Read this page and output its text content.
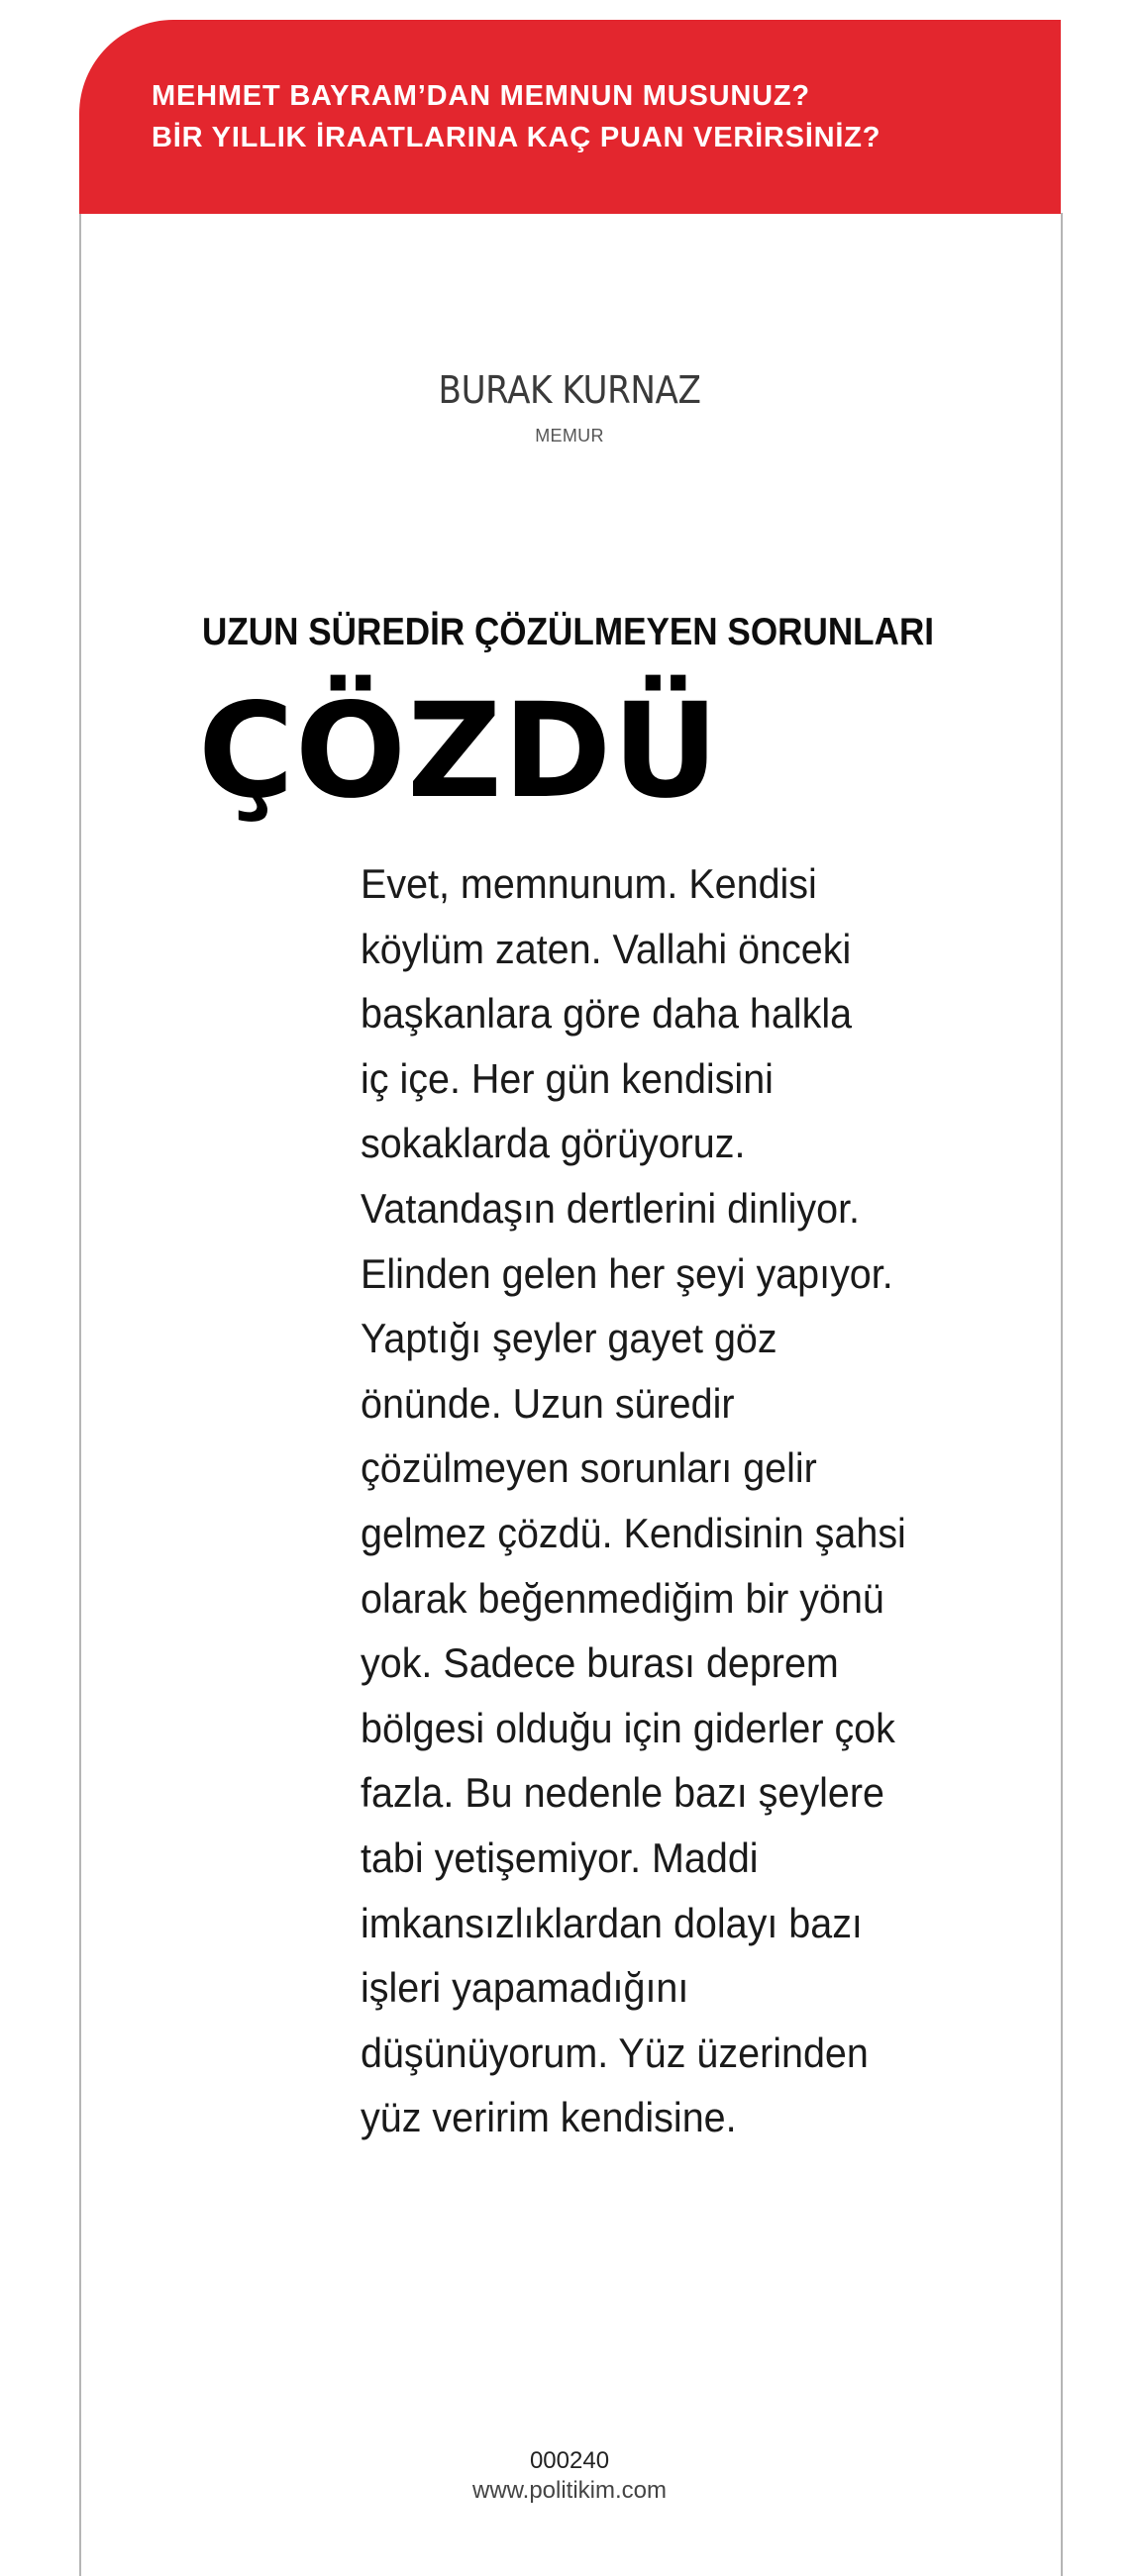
MEHMET BAYRAM’DAN MEMNUN MUSUNUZ?
BİR YILLIK İRAATLARINA KAÇ PUAN VERİRSİNİZ?
BURAK KURNAZ
MEMUR
UZUN SÜREDİR ÇÖZÜLMEYEN SORUNLARI
ÇÖZDÜ
Evet, memnunum. Kendisi
köylüm zaten. Vallahi önceki
başkanlara göre daha halkla
iç içe. Her gün kendisini
sokaklarda görüyoruz.
Vatandaşın dertlerini dinliyor.
Elinden gelen her şeyi yapıyor.
Yaptığı şeyler gayet göz
önünde. Uzun süredir
çözülmeyen sorunları gelir
gelmez çözdü. Kendisinin şahsi
olarak beğenmediğim bir yönü
yok. Sadece burası deprem
bölgesi olduğu için giderler çok
fazla. Bu nedenle bazı şeylere
tabi yetişemiyor. Maddi
imkansızlıklardan dolayı bazı
işleri yapamadığını
düşünüyorum. Yüz üzerinden
yüz veririm kendisine.
000240
www.politikim.com
